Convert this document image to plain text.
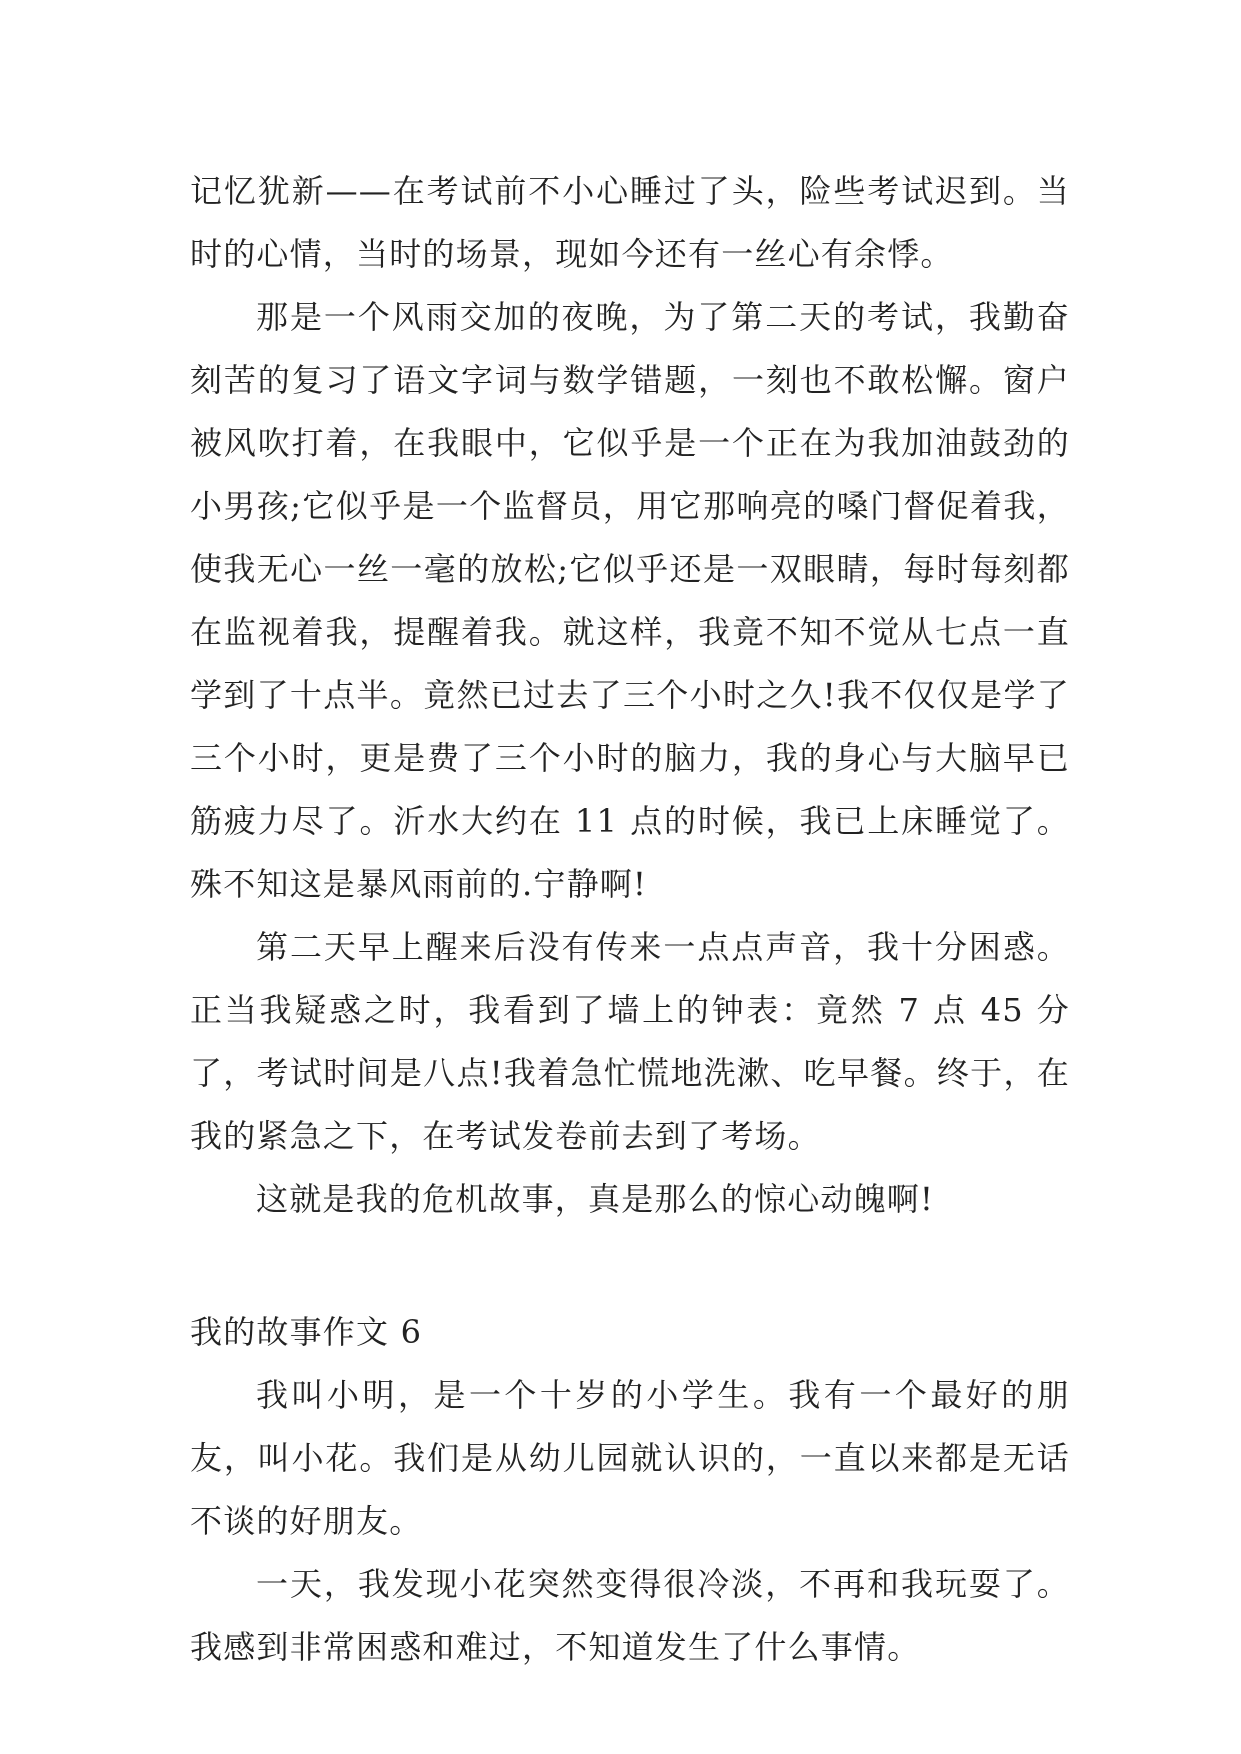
记忆犹新——在考试前不小心睡过了头，险些考试迟到。当时的心情，当时的场景，现如今还有一丝心有余悸。

那是一个风雨交加的夜晚，为了第二天的考试，我勤奋刻苦的复习了语文字词与数学错题，一刻也不敢松懈。窗户被风吹打着，在我眼中，它似乎是一个正在为我加油鼓劲的小男孩;它似乎是一个监督员，用它那响亮的嗓门督促着我，使我无心一丝一毫的放松;它似乎还是一双眼睛，每时每刻都在监视着我，提醒着我。就这样，我竟不知不觉从七点一直学到了十点半。竟然已过去了三个小时之久!我不仅仅是学了三个小时，更是费了三个小时的脑力，我的身心与大脑早已筋疲力尽了。沂水大约在 11 点的时候，我已上床睡觉了。殊不知这是暴风雨前的.宁静啊!

第二天早上醒来后没有传来一点点声音，我十分困惑。正当我疑惑之时，我看到了墙上的钟表：竟然 7 点 45 分了，考试时间是八点!我着急忙慌地洗漱、吃早餐。终于，在我的紧急之下，在考试发卷前去到了考场。

这就是我的危机故事，真是那么的惊心动魄啊!

我的故事作文 6

我叫小明，是一个十岁的小学生。我有一个最好的朋友，叫小花。我们是从幼儿园就认识的，一直以来都是无话不谈的好朋友。

一天，我发现小花突然变得很冷淡，不再和我玩耍了。我感到非常困惑和难过，不知道发生了什么事情。
